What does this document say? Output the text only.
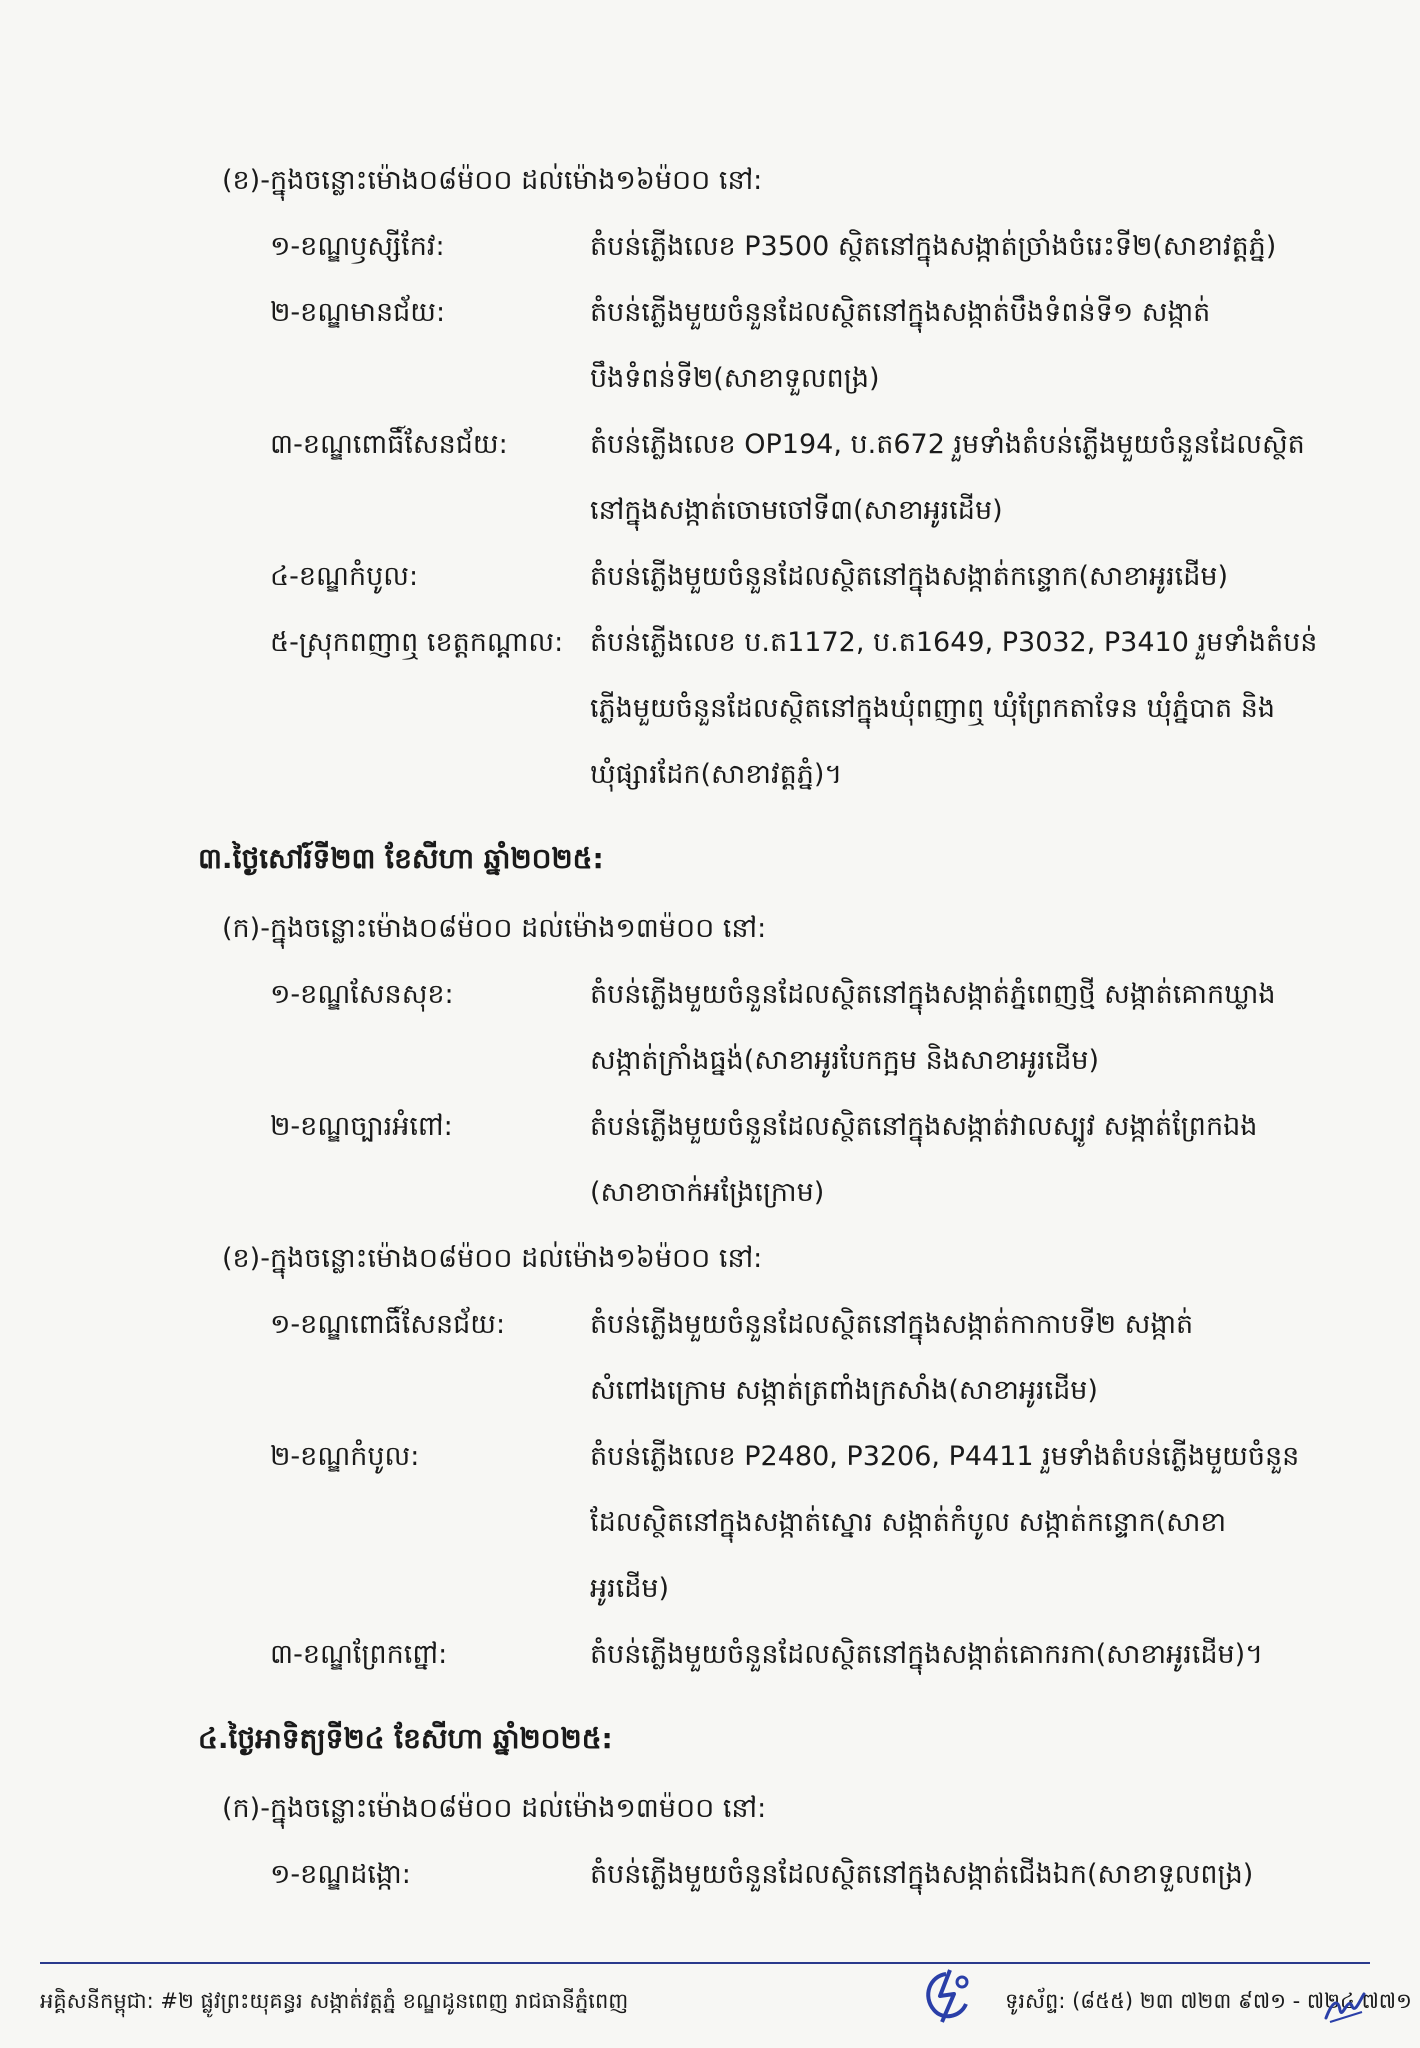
(ខ)-ក្នុងចន្លោះម៉ោង០៨ម៉០០ ដល់ម៉ោង១៦ម៉០០ នៅ:
១-ខណ្ឌឫស្សីកែវ:	តំបន់ភ្លើងលេខ P3500 ស្ថិតនៅក្នុងសង្កាត់ច្រាំងចំរេះទី២(សាខាវត្តភ្នំ)
២-ខណ្ឌមានជ័យ:	តំបន់ភ្លើងមួយចំនួនដែលស្ថិតនៅក្នុងសង្កាត់បឹងទំពន់ទី១ សង្កាត់
បឹងទំពន់ទី២(សាខាទួលពង្រ)
៣-ខណ្ឌពោធិ៍សែនជ័យ:	តំបន់ភ្លើងលេខ OP194, ប.ត672 រួមទាំងតំបន់ភ្លើងមួយចំនួនដែលស្ថិត
នៅក្នុងសង្កាត់ចោមចៅទី៣(សាខាអូរដើម)
៤-ខណ្ឌកំបូល:	តំបន់ភ្លើងមួយចំនួនដែលស្ថិតនៅក្នុងសង្កាត់កន្ទោក(សាខាអូរដើម)
៥-ស្រុកពញាឮ ខេត្តកណ្តាល: តំបន់ភ្លើងលេខ ប.ត1172, ប.ត1649, P3032, P3410 រួមទាំងតំបន់
ភ្លើងមួយចំនួនដែលស្ថិតនៅក្នុងឃុំពញាឮ ឃុំព្រែកតាទែន ឃុំភ្នំបាត និង
ឃុំផ្សារដែក(សាខាវត្តភ្នំ)។
៣.ថ្ងៃសៅរ៍ទី២៣ ខែសីហា ឆ្នាំ២០២៥:
(ក)-ក្នុងចន្លោះម៉ោង០៨ម៉០០ ដល់ម៉ោង១៣ម៉០០ នៅ:
១-ខណ្ឌសែនសុខ:	តំបន់ភ្លើងមួយចំនួនដែលស្ថិតនៅក្នុងសង្កាត់ភ្នំពេញថ្មី សង្កាត់គោកឃ្លាង
សង្កាត់ក្រាំងធ្នង់(សាខាអូរបែកក្អម និងសាខាអូរដើម)
២-ខណ្ឌច្បារអំពៅ:	តំបន់ភ្លើងមួយចំនួនដែលស្ថិតនៅក្នុងសង្កាត់វាលស្បូវ សង្កាត់ព្រែកឯង
(សាខាចាក់អង្រែក្រោម)
(ខ)-ក្នុងចន្លោះម៉ោង០៨ម៉០០ ដល់ម៉ោង១៦ម៉០០ នៅ:
១-ខណ្ឌពោធិ៍សែនជ័យ:	តំបន់ភ្លើងមួយចំនួនដែលស្ថិតនៅក្នុងសង្កាត់កាកាបទី២ សង្កាត់
សំពៅងក្រោម សង្កាត់ត្រពាំងក្រសាំង(សាខាអូរដើម)
២-ខណ្ឌកំបូល:	តំបន់ភ្លើងលេខ P2480, P3206, P4411 រួមទាំងតំបន់ភ្លើងមួយចំនួន
ដែលស្ថិតនៅក្នុងសង្កាត់ស្នោរ សង្កាត់កំបូល សង្កាត់កន្ទោក(សាខា
អូរដើម)
៣-ខណ្ឌព្រែកព្នៅ:	តំបន់ភ្លើងមួយចំនួនដែលស្ថិតនៅក្នុងសង្កាត់គោករកា(សាខាអូរដើម)។
៤.ថ្ងៃអាទិត្យទី២៤ ខែសីហា ឆ្នាំ២០២៥:
(ក)-ក្នុងចន្លោះម៉ោង០៨ម៉០០ ដល់ម៉ោង១៣ម៉០០ នៅ:
១-ខណ្ឌដង្កោ:	តំបន់ភ្លើងមួយចំនួនដែលស្ថិតនៅក្នុងសង្កាត់ជើងឯក(សាខាទួលពង្រ)
អគ្គិសនីកម្ពុជា: #២ ផ្លូវព្រះយុគន្ធរ សង្កាត់វត្តភ្នំ ខណ្ឌដូនពេញ រាជធានីភ្នំពេញ	ទូរស័ព្ទ: (៨៥៥) ២៣ ៧២៣ ៩៧១ - ៧២៤ ៧៧១
